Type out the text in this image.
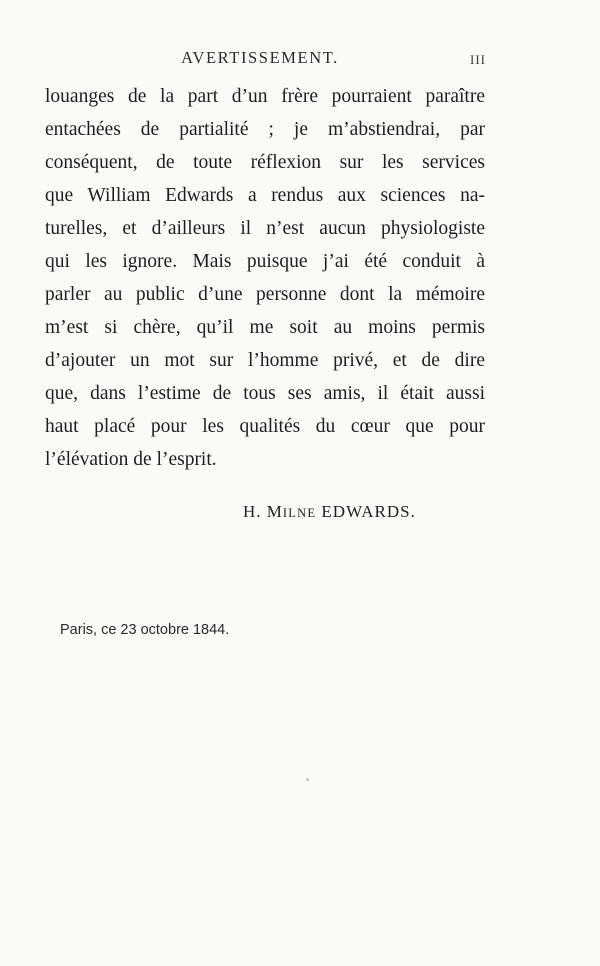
AVERTISSEMENT.	III
louanges de la part d’un frère pourraient paraître
entachées de partialité ; je m’abstiendrai, par
conséquent, de toute réflexion sur les services
que William Edwards a rendus aux sciences na-
turelles, et d’ailleurs il n’est aucun physiologiste
qui les ignore. Mais puisque j’ai été conduit à
parler au public d’une personne dont la mémoire
m’est si chère, qu’il me soit au moins permis
d’ajouter un mot sur l’homme privé, et de dire
que, dans l’estime de tous ses amis, il était aussi
haut placé pour les qualités du cœur que pour
l’élévation de l’esprit.
H. MILNE EDWARDS.
Paris, ce 23 octobre 1844.
